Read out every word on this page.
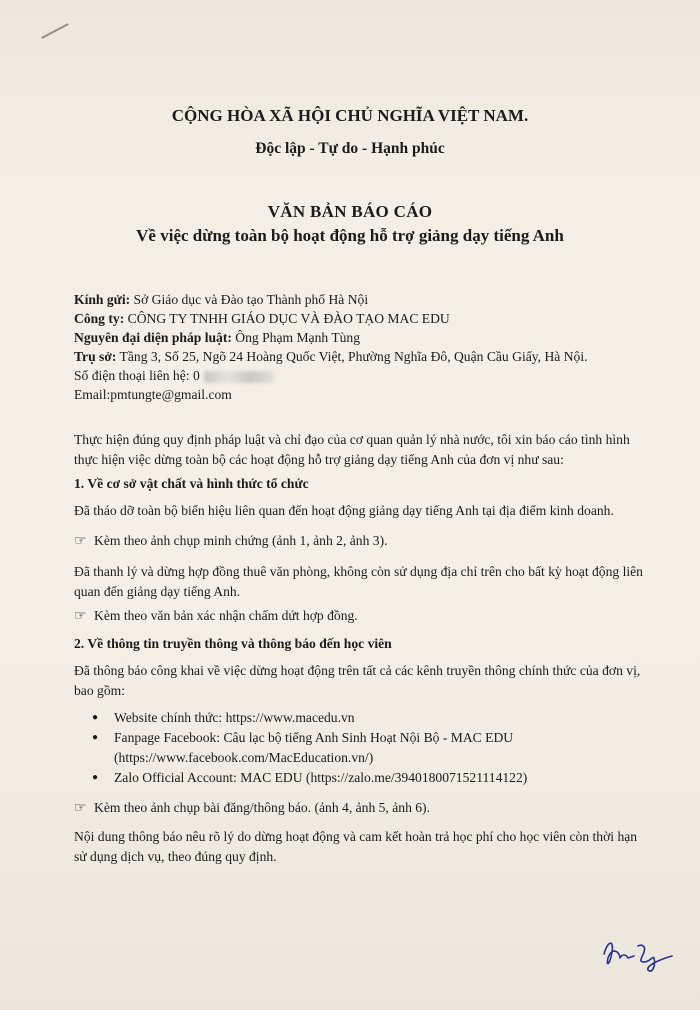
CỘNG HÒA XÃ HỘI CHỦ NGHĨA VIỆT NAM.
Độc lập - Tự do - Hạnh phúc
VĂN BẢN BÁO CÁO
Về việc dừng toàn bộ hoạt động hỗ trợ giảng dạy tiếng Anh
Kính gửi: Sở Giáo dục và Đào tạo Thành phố Hà Nội
Công ty: CÔNG TY TNHH GIÁO DỤC VÀ ĐÀO TẠO MAC EDU
Nguyên đại diện pháp luật: Ông Phạm Mạnh Tùng
Trụ sở: Tầng 3, Số 25, Ngõ 24 Hoàng Quốc Việt, Phường Nghĩa Đô, Quận Cầu Giấy, Hà Nội.
Số điện thoại liên hệ: 0
Email:pmtungte@gmail.com
Thực hiện đúng quy định pháp luật và chỉ đạo của cơ quan quản lý nhà nước, tôi xin báo cáo tình hình thực hiện việc dừng toàn bộ các hoạt động hỗ trợ giảng dạy tiếng Anh của đơn vị như sau:
1. Về cơ sở vật chất và hình thức tổ chức
Đã tháo dỡ toàn bộ biển hiệu liên quan đến hoạt động giảng dạy tiếng Anh tại địa điểm kinh doanh.
☞ Kèm theo ảnh chụp minh chứng (ảnh 1, ảnh 2, ảnh 3).
Đã thanh lý và dừng hợp đồng thuê văn phòng, không còn sử dụng địa chỉ trên cho bất kỳ hoạt động liên quan đến giảng dạy tiếng Anh.
☞ Kèm theo văn bản xác nhận chấm dứt hợp đồng.
2. Về thông tin truyền thông và thông báo đến học viên
Đã thông báo công khai về việc dừng hoạt động trên tất cả các kênh truyền thông chính thức của đơn vị, bao gồm:
●	Website chính thức: https://www.macedu.vn
●	Fanpage Facebook: Câu lạc bộ tiếng Anh Sinh Hoạt Nội Bộ - MAC EDU (https://www.facebook.com/MacEducation.vn/)
●	Zalo Official Account: MAC EDU (https://zalo.me/3940180071521114122)
☞ Kèm theo ảnh chụp bài đăng/thông báo. (ảnh 4, ảnh 5, ảnh 6).
Nội dung thông báo nêu rõ lý do dừng hoạt động và cam kết hoàn trả học phí cho học viên còn thời hạn sử dụng dịch vụ, theo đúng quy định.
